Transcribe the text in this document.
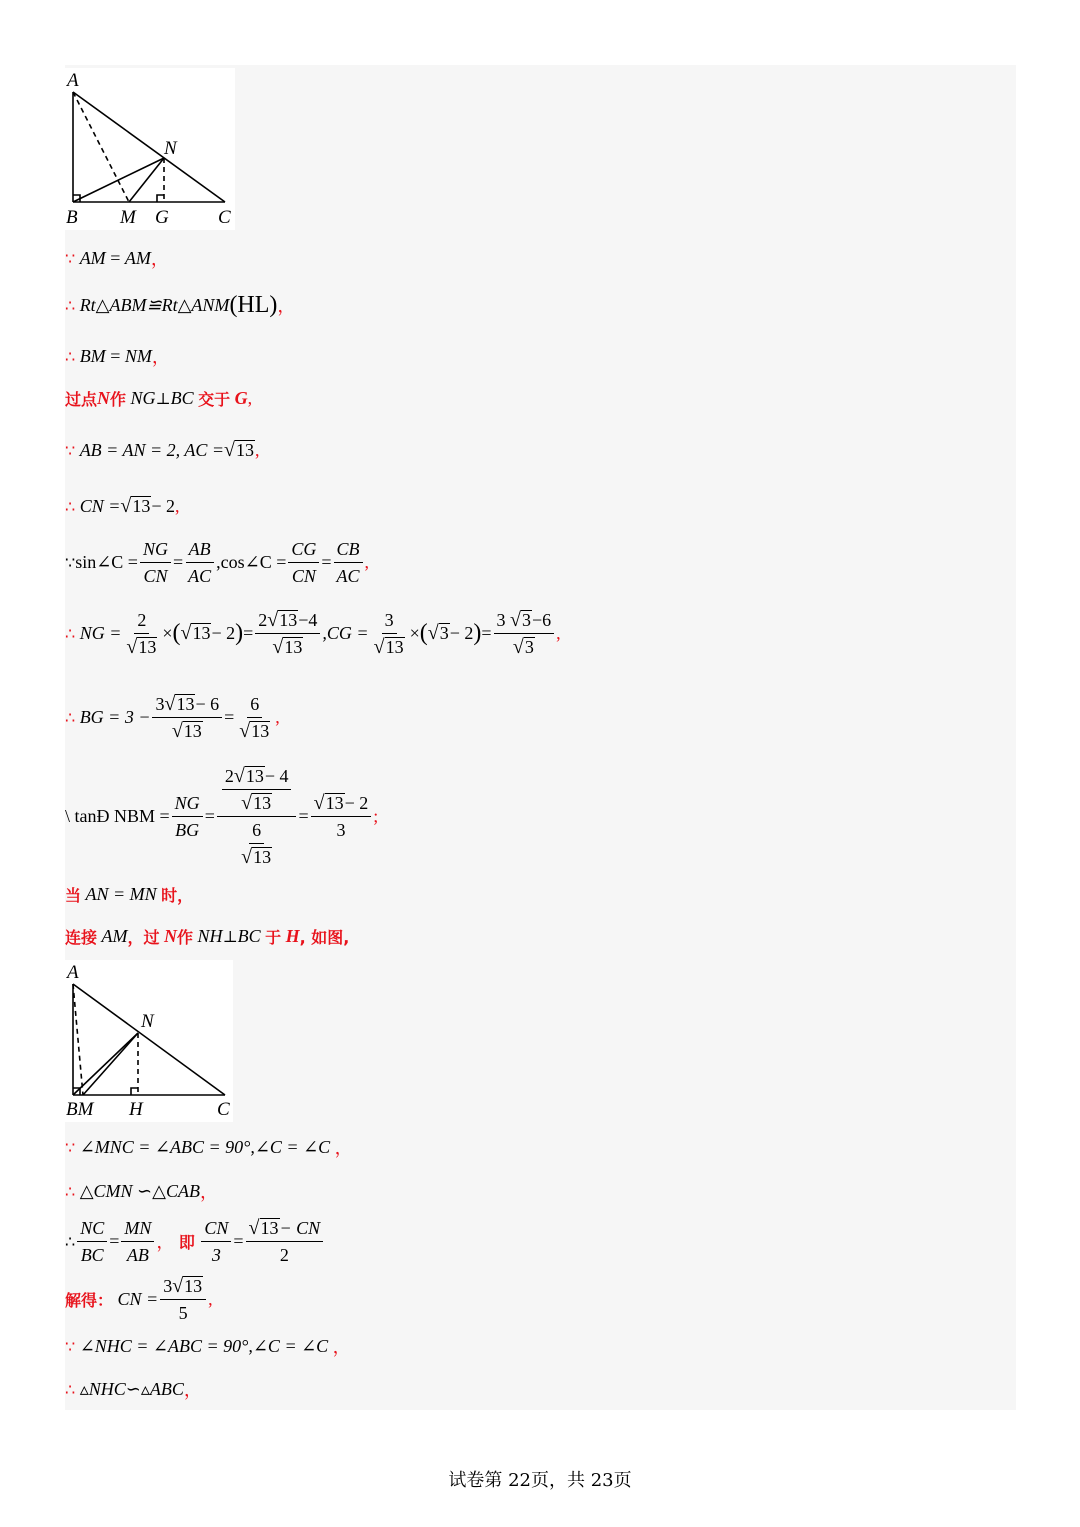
A
N
B M G	C
∵
AM
=
AM ，
∴
Rt△ABM≌Rt△ANM (HL) ，
∴
BM
=
NM ，
过点 N 作
NG ⊥ BC
交于
G ,
∵
AB = AN = 2, AC = √ 13 ,
∴
CN = √ 13 − 2 ,
∵ sin∠C = $\frac{NG}{CN} = \frac{AB}{AC}$ ,cos∠C = $\frac{CG}{CN} = \frac{CB}{AC}$ ,
∴
NG = $\frac{2}{√ 13}$ × ( √ 13 − 2 ) = $\frac{2 √ 13 -4}{√ 13} ,CG = \frac{3}{√ 13}$ × ( √ 3 − 2 ) = $\frac{3 √ 3 -6}{√ 3}$ ,
∴
BG = $3 - \frac{3 √ 13 - 6}{√ 13} = \frac{6}{√ 13}$ ,
\
tanÐ NBM = $\frac{NG}{BG} = \frac{\frac{2 √ 13 - 4}{√ 13}}{\frac{6}{√ 13}} = \frac{√ 13 - 2}{3}$ ;
当
AN = MN
时，
连接
AM ，过
N 作
NH ⊥ BC
于
H , 如图,
A
N
BM H	C
∵
∠MNC = ∠ABC = 90°,∠C = ∠C
，
∴
△CMN ∽△CAB ，
∴ $\frac{NC}{BC} = \frac{MN}{AB}$ ，
即
$\frac{CN}{3} = \frac{√ 13 - CN}{2}$
解得：
CN = $\frac{3 √ 13}{5}$ ,
∵
∠NHC = ∠ABC = 90°,∠C = ∠C
，
∴
▵NHC∽▵ABC ，
试卷第 22页，共 23页
